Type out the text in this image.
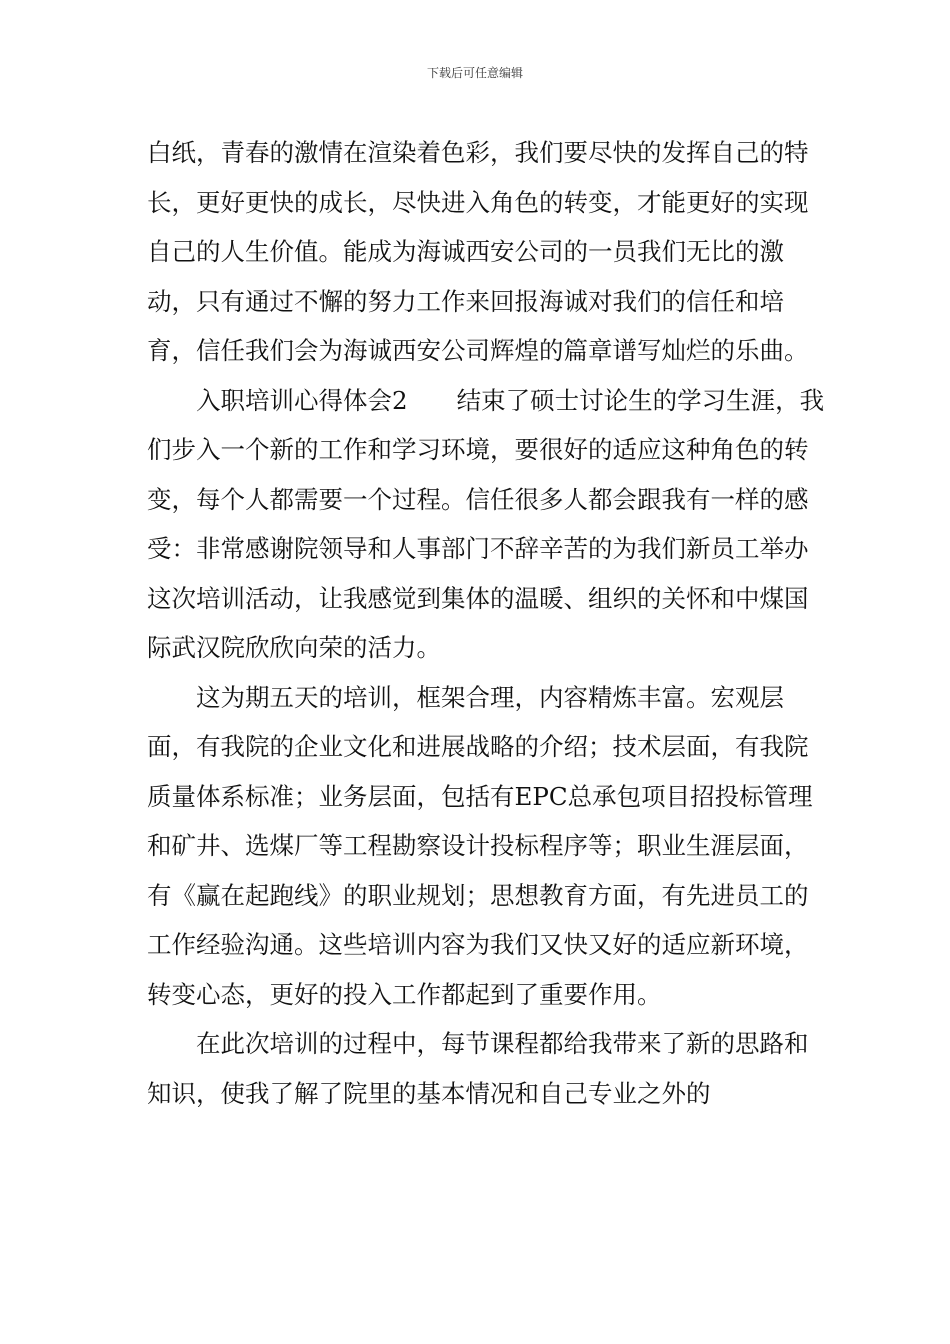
下载后可任意编辑

白纸，青春的激情在渲染着色彩，我们要尽快的发挥自己的特长，更好更快的成长，尽快进入角色的转变，才能更好的实现自己的人生价值。能成为海诚西安公司的一员我们无比的激动，只有通过不懈的努力工作来回报海诚对我们的信任和培育，信任我们会为海诚西安公司辉煌的篇章谱写灿烂的乐曲。

入职培训心得体会2　　结束了硕士讨论生的学习生涯，我们步入一个新的工作和学习环境，要很好的适应这种角色的转变，每个人都需要一个过程。信任很多人都会跟我有一样的感受：非常感谢院领导和人事部门不辞辛苦的为我们新员工举办这次培训活动，让我感觉到集体的温暖、组织的关怀和中煤国际武汉院欣欣向荣的活力。

这为期五天的培训，框架合理，内容精炼丰富。宏观层面，有我院的企业文化和进展战略的介绍；技术层面，有我院质量体系标准；业务层面，包括有EPC总承包项目招投标管理和矿井、选煤厂等工程勘察设计投标程序等；职业生涯层面，有《赢在起跑线》的职业规划；思想教育方面，有先进员工的工作经验沟通。这些培训内容为我们又快又好的适应新环境，转变心态，更好的投入工作都起到了重要作用。

在此次培训的过程中，每节课程都给我带来了新的思路和知识，使我了解了院里的基本情况和自己专业之外的
